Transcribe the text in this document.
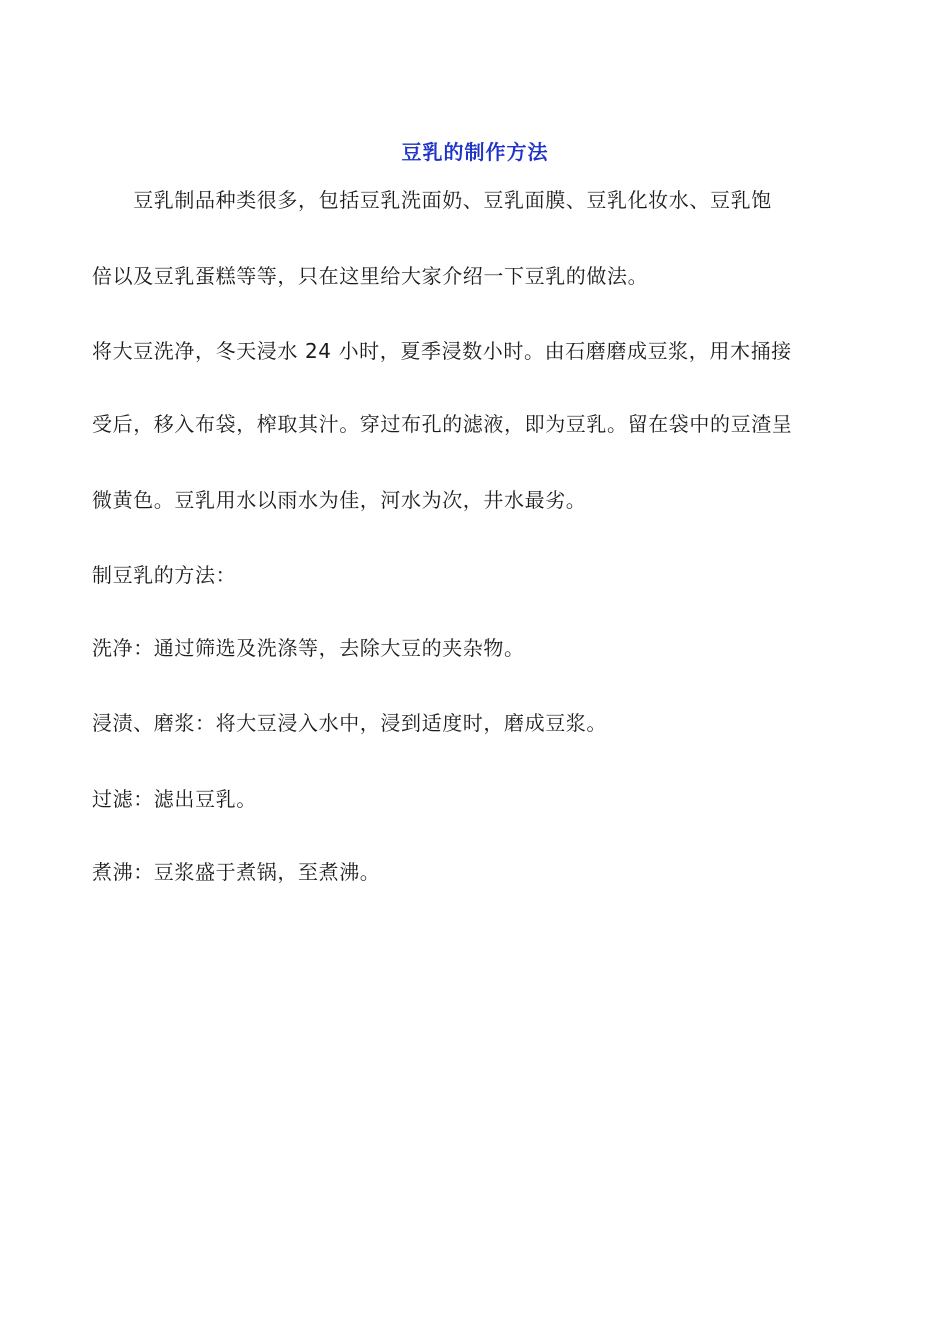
豆乳的制作方法
　　豆乳制品种类很多，包括豆乳洗面奶、豆乳面膜、豆乳化妆水、豆乳饱
倍以及豆乳蛋糕等等，只在这里给大家介绍一下豆乳的做法。
将大豆洗净，冬天浸水 24 小时，夏季浸数小时。由石磨磨成豆浆，用木捅接
受后，移入布袋，榨取其汁。穿过布孔的滤液，即为豆乳。留在袋中的豆渣呈
微黄色。豆乳用水以雨水为佳，河水为次，井水最劣。
制豆乳的方法：
洗净：通过筛选及洗涤等，去除大豆的夹杂物。
浸渍、磨浆：将大豆浸入水中，浸到适度时，磨成豆浆。
过滤：滤出豆乳。
煮沸：豆浆盛于煮锅，至煮沸。
